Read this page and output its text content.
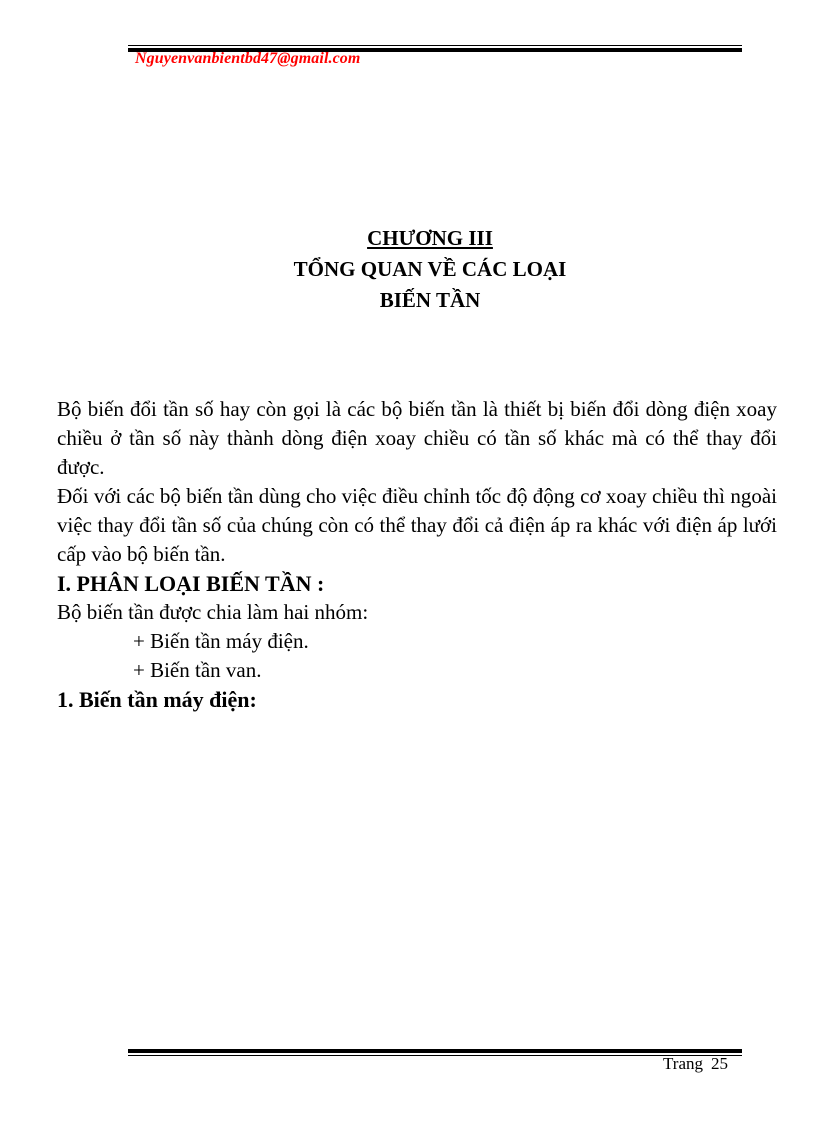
Nguyenvanbientbd47@gmail.com
CHƯƠNG III
TỔNG QUAN VỀ CÁC LOẠI
BIẾN TẦN

Bộ biến đổi tần số hay còn gọi là các bộ biến tần là thiết bị biến đổi dòng điện xoay chiều ở tần số này thành dòng điện xoay chiều có tần số khác mà có thể thay đổi được.

Đối với các bộ biến tần dùng cho việc điều chỉnh tốc độ động cơ xoay chiều thì ngoài việc thay đổi tần số của chúng còn có thể thay đổi cả điện áp ra khác với điện áp lưới cấp vào bộ biến tần.

I. PHÂN LOẠI BIẾN TẦN :

Bộ biến tần được chia làm hai nhóm:

+ Biến tần máy điện.

+ Biến tần van.

1. Biến tần máy điện:

Trang 25
